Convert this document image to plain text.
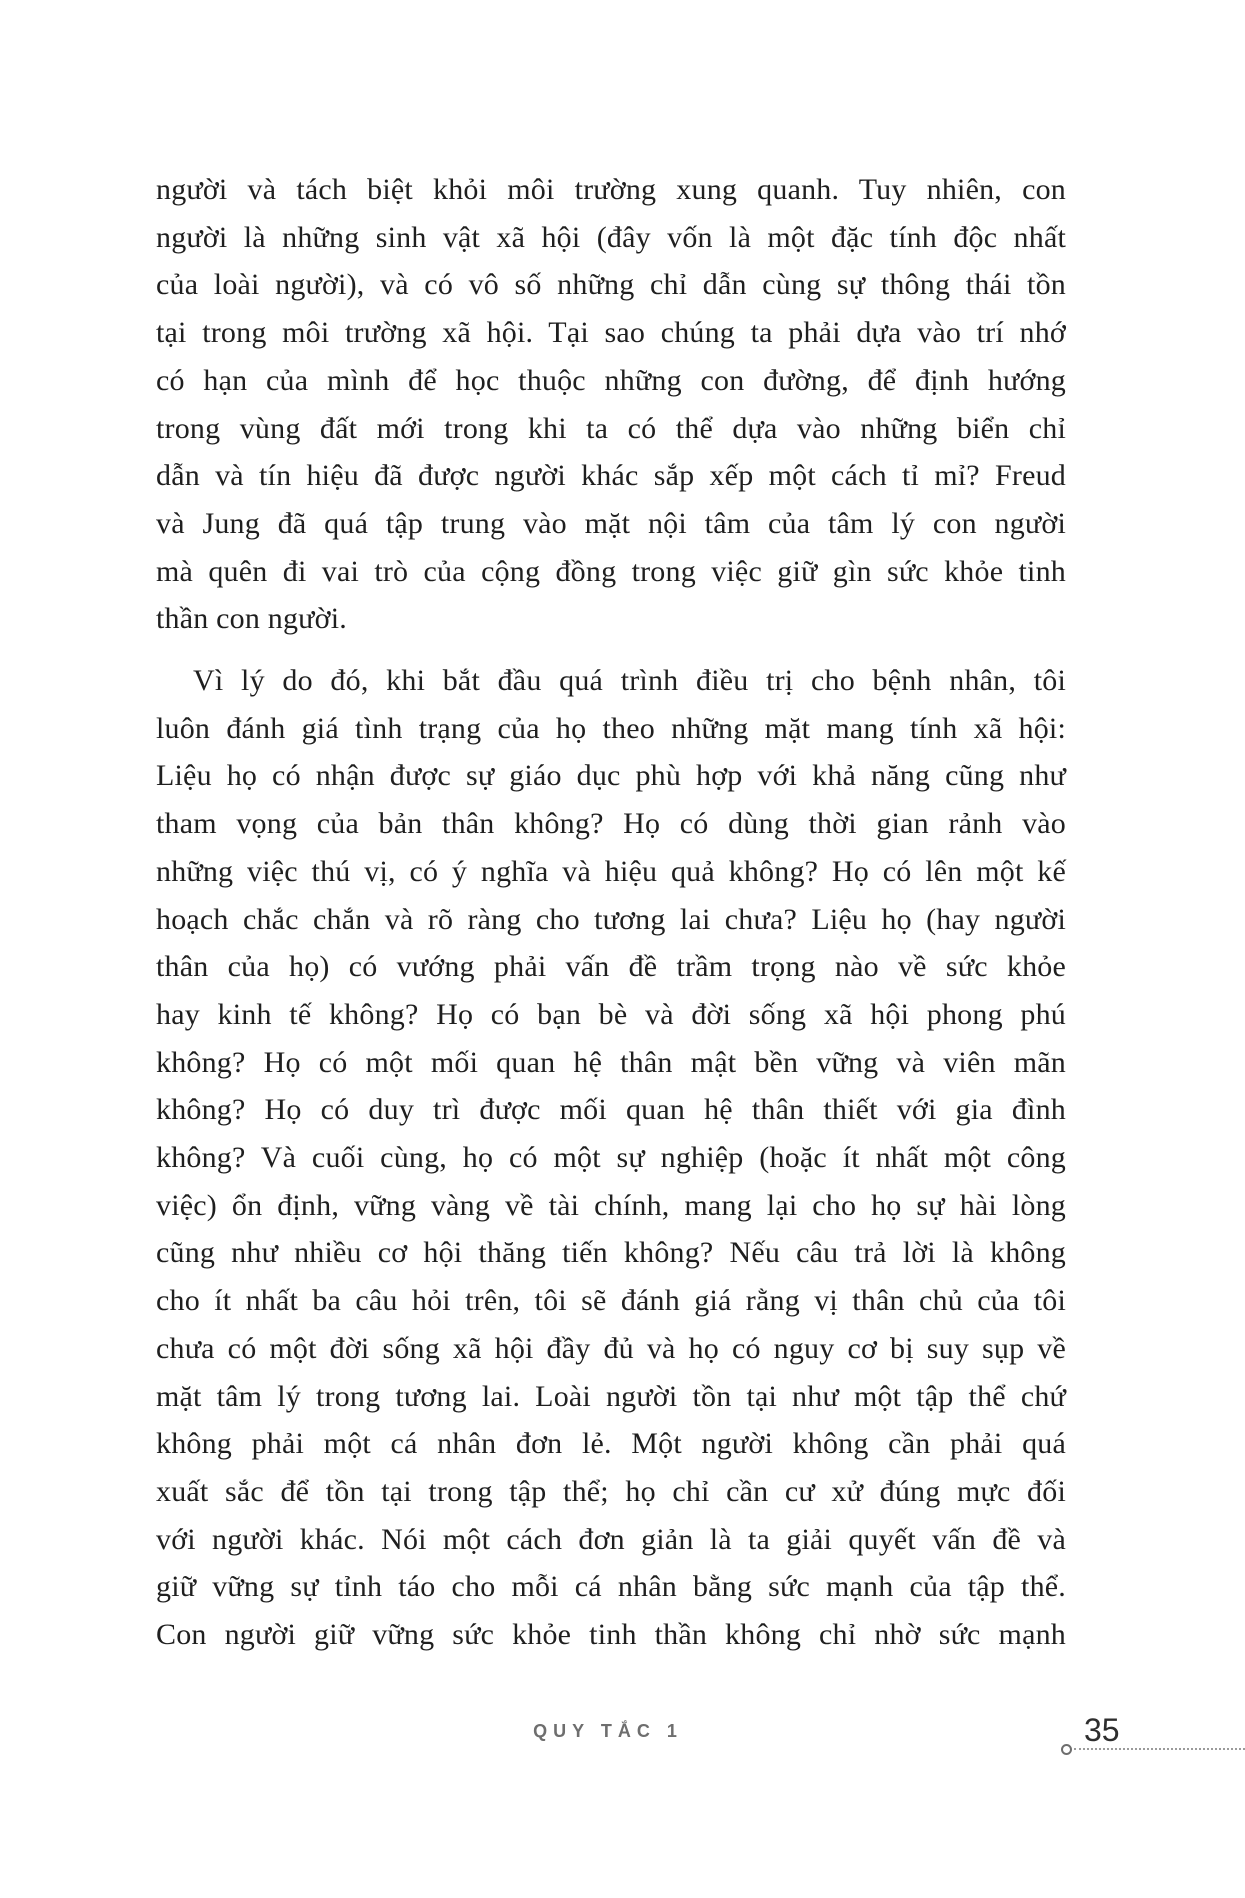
người và tách biệt khỏi môi trường xung quanh. Tuy nhiên, con
người là những sinh vật xã hội (đây vốn là một đặc tính độc nhất
của loài người), và có vô số những chỉ dẫn cùng sự thông thái tồn
tại trong môi trường xã hội. Tại sao chúng ta phải dựa vào trí nhớ
có hạn của mình để học thuộc những con đường, để định hướng
trong vùng đất mới trong khi ta có thể dựa vào những biển chỉ
dẫn và tín hiệu đã được người khác sắp xếp một cách tỉ mỉ? Freud
và Jung đã quá tập trung vào mặt nội tâm của tâm lý con người
mà quên đi vai trò của cộng đồng trong việc giữ gìn sức khỏe tinh
thần con người.
Vì lý do đó, khi bắt đầu quá trình điều trị cho bệnh nhân, tôi
luôn đánh giá tình trạng của họ theo những mặt mang tính xã hội:
Liệu họ có nhận được sự giáo dục phù hợp với khả năng cũng như
tham vọng của bản thân không? Họ có dùng thời gian rảnh vào
những việc thú vị, có ý nghĩa và hiệu quả không? Họ có lên một kế
hoạch chắc chắn và rõ ràng cho tương lai chưa? Liệu họ (hay người
thân của họ) có vướng phải vấn đề trầm trọng nào về sức khỏe
hay kinh tế không? Họ có bạn bè và đời sống xã hội phong phú
không? Họ có một mối quan hệ thân mật bền vững và viên mãn
không? Họ có duy trì được mối quan hệ thân thiết với gia đình
không? Và cuối cùng, họ có một sự nghiệp (hoặc ít nhất một công
việc) ổn định, vững vàng về tài chính, mang lại cho họ sự hài lòng
cũng như nhiều cơ hội thăng tiến không? Nếu câu trả lời là không
cho ít nhất ba câu hỏi trên, tôi sẽ đánh giá rằng vị thân chủ của tôi
chưa có một đời sống xã hội đầy đủ và họ có nguy cơ bị suy sụp về
mặt tâm lý trong tương lai. Loài người tồn tại như một tập thể chứ
không phải một cá nhân đơn lẻ. Một người không cần phải quá
xuất sắc để tồn tại trong tập thể; họ chỉ cần cư xử đúng mực đối
với người khác. Nói một cách đơn giản là ta giải quyết vấn đề và
giữ vững sự tỉnh táo cho mỗi cá nhân bằng sức mạnh của tập thể.
Con người giữ vững sức khỏe tinh thần không chỉ nhờ sức mạnh
QUY TẮC 1	35
